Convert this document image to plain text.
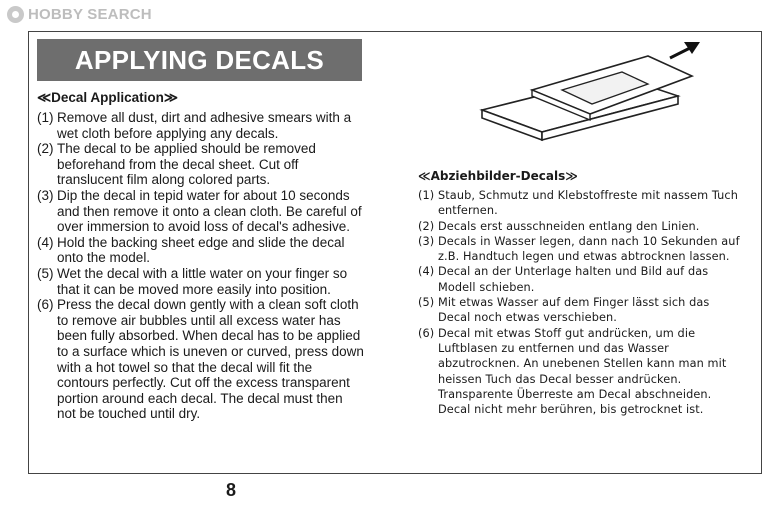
HOBBY SEARCH
APPLYING DECALS
≪Decal Application≫
(1) Remove all dust, dirt and adhesive smears with a wet cloth before applying any decals.
(2) The decal to be applied should be removed beforehand from the decal sheet. Cut off translucent film along colored parts.
(3) Dip the decal in tepid water for about 10 seconds and then remove it onto a clean cloth. Be careful of over immersion to avoid loss of decal's adhesive.
(4) Hold the backing sheet edge and slide the decal onto the model.
(5) Wet the decal with a little water on your finger so that it can be moved more easily into position.
(6) Press the decal down gently with a clean soft cloth to remove air bubbles until all excess water has been fully absorbed. When decal has to be applied to a surface which is uneven or curved, press down with a hot towel so that the decal will fit the contours perfectly. Cut off the excess transparent portion around each decal. The decal must then not be touched until dry.
≪Abziehbilder-Decals≫
(1) Staub, Schmutz und Klebstoffreste mit nassem Tuch entfernen.
(2) Decals erst ausschneiden entlang den Linien.
(3) Decals in Wasser legen, dann nach 10 Sekunden auf z.B. Handtuch legen und etwas abtrocknen lassen.
(4) Decal an der Unterlage halten und Bild auf das Modell schieben.
(5) Mit etwas Wasser auf dem Finger lässt sich das Decal noch etwas verschieben.
(6) Decal mit etwas Stoff gut andrücken, um die Luftblasen zu entfernen und das Wasser abzutrocknen. An unebenen Stellen kann man mit heissen Tuch das Decal besser andrücken. Transparente Überreste am Decal abschneiden. Decal nicht mehr berühren, bis getrocknet ist.
8
